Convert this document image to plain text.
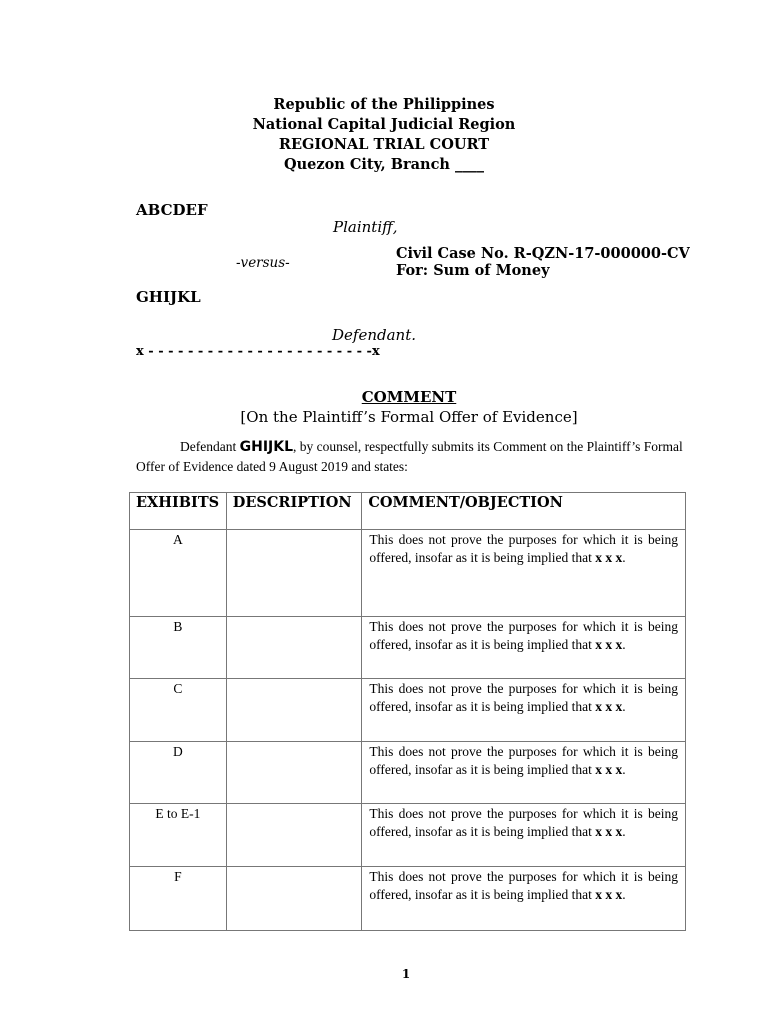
Republic of the Philippines
National Capital Judicial Region
REGIONAL TRIAL COURT
Quezon City, Branch ____
ABCDEF
Plaintiff,
-versus-
Civil Case No. R-QZN-17-000000-CV
For: Sum of Money
GHIJKL
Defendant.
x - - - - - - - - - - - - - - - - - - - - - - -x
COMMENT
[On the Plaintiff’s Formal Offer of Evidence]
Defendant GHIJKL, by counsel, respectfully submits its Comment on the Plaintiff’s Formal Offer of Evidence dated 9 August 2019 and states:
EXHIBITS	DESCRIPTION	COMMENT/OBJECTION
A		This does not prove the purposes for which it is being offered, insofar as it is being implied that x x x.
B		This does not prove the purposes for which it is being offered, insofar as it is being implied that x x x.
C		This does not prove the purposes for which it is being offered, insofar as it is being implied that x x x.
D		This does not prove the purposes for which it is being offered, insofar as it is being implied that x x x.
E to E-1		This does not prove the purposes for which it is being offered, insofar as it is being implied that x x x.
F		This does not prove the purposes for which it is being offered, insofar as it is being implied that x x x.
1
